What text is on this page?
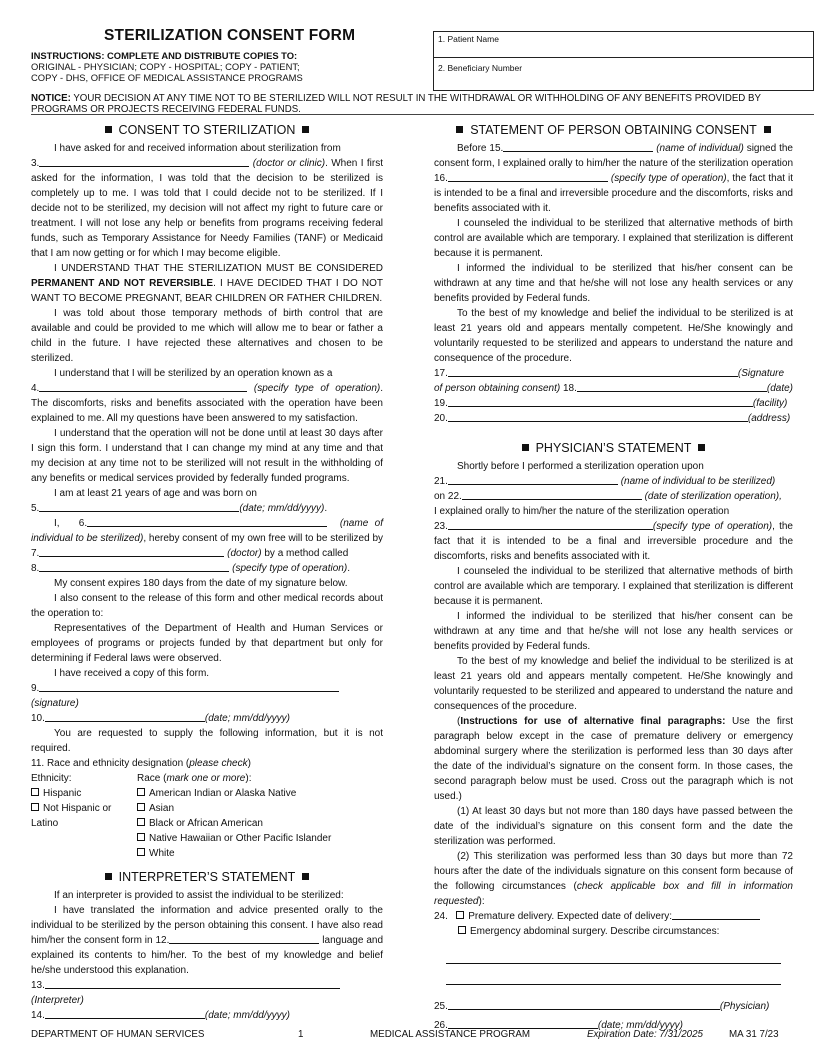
STERILIZATION CONSENT FORM
INSTRUCTIONS: COMPLETE AND DISTRIBUTE COPIES TO:
ORIGINAL - PHYSICIAN; COPY - HOSPITAL; COPY - PATIENT;
COPY - DHS, OFFICE OF MEDICAL ASSISTANCE PROGRAMS
1. Patient Name
2. Beneficiary Number
NOTICE: YOUR DECISION AT ANY TIME NOT TO BE STERILIZED WILL NOT RESULT IN THE WITHDRAWAL OR WITHHOLDING OF ANY BENEFITS PROVIDED BY PROGRAMS OR PROJECTS RECEIVING FEDERAL FUNDS.
CONSENT TO STERILIZATION

I have asked for and received information about sterilization from
3.	(doctor or clinic). When I first asked for the information, I was told that the decision to be sterilized is completely up to me. I was told that I could decide not to be sterilized. If I decide not to be sterilized, my decision will not affect my right to future care or treatment. I will not lose any help or benefits from programs receiving federal funds, such as Temporary Assistance for Needy Families (TANF) or Medicaid that I am now getting or for which I may become eligible.

I UNDERSTAND THAT THE STERILIZATION MUST BE CONSIDERED PERMANENT AND NOT REVERSIBLE. I HAVE DECIDED THAT I DO NOT WANT TO BECOME PREGNANT, BEAR CHILDREN OR FATHER CHILDREN.

I was told about those temporary methods of birth control that are available and could be provided to me which will allow me to bear or father a child in the future. I have rejected these alternatives and chosen to be sterilized.

I understand that I will be sterilized by an operation known as a
4.	(specify type of operation). The discomforts, risks and benefits associated with the operation have been explained to me. All my questions have been answered to my satisfaction.

I understand that the operation will not be done until at least 30 days after I sign this form. I understand that I can change my mind at any time and that my decision at any time not to be sterilized will not result in the withholding of any benefits or medical services provided by federally funded programs.

I am at least 21 years of age and was born on

5.	(date; mm/dd/yyyy).

I, 6.	(name of individual to be sterilized), hereby consent of my own free will to be sterilized by 7.	(doctor) by a method called
8.	(specify type of operation).

My consent expires 180 days from the date of my signature below.

I also consent to the release of this form and other medical records about the operation to:

Representatives of the Department of Health and Human Services or employees of programs or projects funded by that department but only for determining if Federal laws were observed.

I have received a copy of this form.

9.(signature)

10.	(date; mm/dd/yyyy)

You are requested to supply the following information, but it is not required.

11. Race and ethnicity designation (please check)

Ethnicity:
Hispanic
Not Hispanic or Latino
Race (mark one or more):
American Indian or Alaska Native
Asian
Black or African American
Native Hawaiian or Other Pacific Islander
White
INTERPRETER’S STATEMENT

If an interpreter is provided to assist the individual to be sterilized:

I have translated the information and advice presented orally to the individual to be sterilized by the person obtaining this consent. I have also read him/her the consent form in 12.	language and explained its contents to him/her. To the best of my knowledge and belief he/she understood this explanation.

13.(Interpreter)

14.	(date; mm/dd/yyyy)

STATEMENT OF PERSON OBTAINING CONSENT

Before 15.	(name of individual) signed the consent form, I explained orally to him/her the nature of the sterilization operation 16.	(specify type of operation), the fact that it is intended to be a final and irreversible procedure and the discomforts, risks and benefits associated with it.

I counseled the individual to be sterilized that alternative methods of birth control are available which are temporary. I explained that sterilization is different because it is permanent.

I informed the individual to be sterilized that his/her consent can be withdrawn at any time and that he/she will not lose any health services or any benefits provided by Federal funds.

To the best of my knowledge and belief the individual to be sterilized is at least 21 years old and appears mentally competent. He/She knowingly and voluntarily requested to be sterilized and appears to understand the nature and consequence of the procedure.

17.	(Signature of person obtaining consent) 18.	(date)

19.	(facility)

20.	(address)

PHYSICIAN’S STATEMENT

Shortly before I performed a sterilization operation upon

21.	(name of individual to be sterilized)

on 22.	(date of sterilization operation),

I explained orally to him/her the nature of the sterilization operation

23.	(specify type of operation), the fact that it is intended to be a final and irreversible procedure and the discomforts, risks and benefits associated with it.

I counseled the individual to be sterilized that alternative methods of birth control are available which are temporary. I explained that sterilization is different because it is permanent.

I informed the individual to be sterilized that his/her consent can be withdrawn at any time and that he/she will not lose any health services or benefits provided by Federal funds.

To the best of my knowledge and belief the individual to be sterilized is at least 21 years old and appears mentally competent. He/She knowingly and voluntarily requested to be sterilized and appeared to understand the nature and consequences of the procedure.

(Instructions for use of alternative final paragraphs: Use the first paragraph below except in the case of premature delivery or emergency abdominal surgery where the sterilization is performed less than 30 days after the date of the individual’s signature on the consent form. In those cases, the second paragraph below must be used. Cross out the paragraph which is not used.)

(1) At least 30 days but not more than 180 days have passed between the date of the individual’s signature on this consent form and the date the sterilization was performed.

(2) This sterilization was performed less than 30 days but more than 72 hours after the date of the individuals signature on this consent form because of the following circumstances (check applicable box and fill in information requested):

24. Premature delivery. Expected date of delivery:

Emergency abdominal surgery. Describe circumstances:

25.	(Physician)

26.	(date; mm/dd/yyyy)

DEPARTMENT OF HUMAN SERVICES	1	MEDICAL ASSISTANCE PROGRAM	Expiration Date: 7/31/2025	MA 31 7/23
